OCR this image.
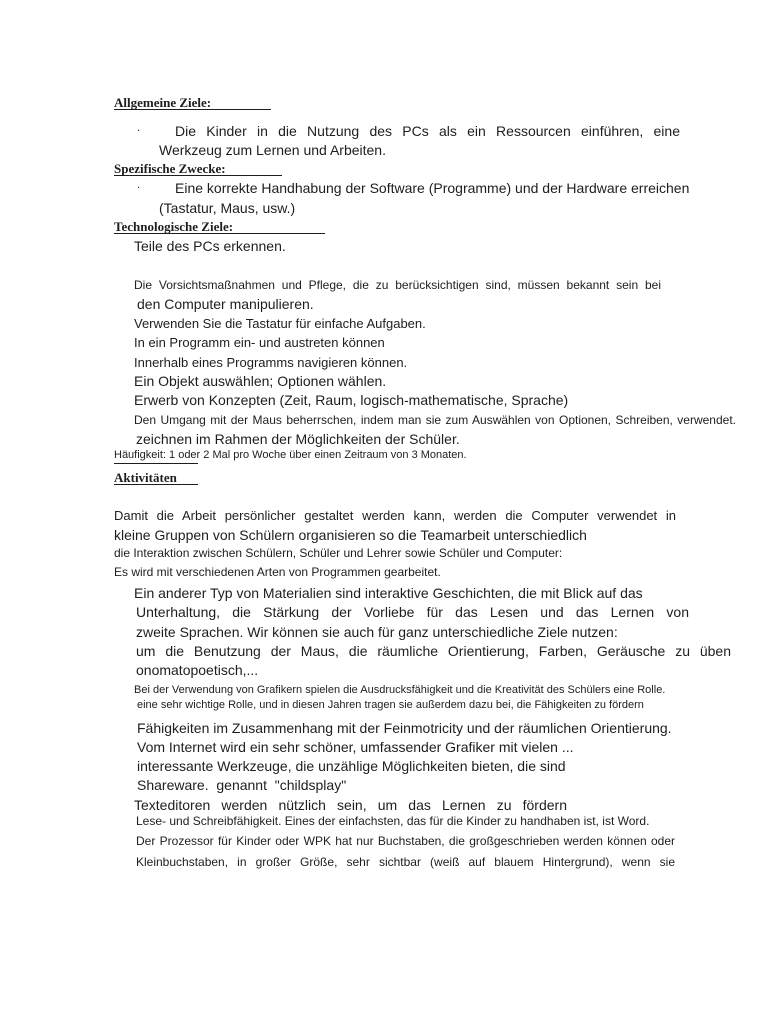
Allgemeine Ziele:
· Die Kinder in die Nutzung des PCs als ein Ressourcen einführen, eine
Werkzeug zum Lernen und Arbeiten.
Spezifische Zwecke:
· Eine korrekte Handhabung der Software (Programme) und der Hardware erreichen
(Tastatur, Maus, usw.)
Technologische Ziele:
Teile des PCs erkennen.
Die Vorsichtsmaßnahmen und Pflege, die zu berücksichtigen sind, müssen bekannt sein bei
den Computer manipulieren.
Verwenden Sie die Tastatur für einfache Aufgaben.
In ein Programm ein- und austreten können
Innerhalb eines Programms navigieren können.
Ein Objekt auswählen; Optionen wählen.
Erwerb von Konzepten (Zeit, Raum, logisch-mathematische, Sprache)
Den Umgang mit der Maus beherrschen, indem man sie zum Auswählen von Optionen, Schreiben, verwendet.
zeichnen im Rahmen der Möglichkeiten der Schüler.
Häufigkeit: 1 oder 2 Mal pro Woche über einen Zeitraum von 3 Monaten.
Aktivitäten
Damit die Arbeit persönlicher gestaltet werden kann, werden die Computer verwendet in
kleine Gruppen von Schülern organisieren so die Teamarbeit unterschiedlich
die Interaktion zwischen Schülern, Schüler und Lehrer sowie Schüler und Computer:
Es wird mit verschiedenen Arten von Programmen gearbeitet.
Ein anderer Typ von Materialien sind interaktive Geschichten, die mit Blick auf das
Unterhaltung, die Stärkung der Vorliebe für das Lesen und das Lernen von
zweite Sprachen. Wir können sie auch für ganz unterschiedliche Ziele nutzen:
um die Benutzung der Maus, die räumliche Orientierung, Farben, Geräusche zu üben
onomatopoetisch,...
Bei der Verwendung von Grafikern spielen die Ausdrucksfähigkeit und die Kreativität des Schülers eine Rolle.
eine sehr wichtige Rolle, und in diesen Jahren tragen sie außerdem dazu bei, die Fähigkeiten zu fördern
Fähigkeiten im Zusammenhang mit der Feinmotricity und der räumlichen Orientierung.
Vom Internet wird ein sehr schöner, umfassender Grafiker mit vielen ...
interessante Werkzeuge, die unzählige Möglichkeiten bieten, die sind
Shareware.  genannt  "childsplay"
Texteditoren werden nützlich sein, um das Lernen zu fördern
Lese- und Schreibfähigkeit. Eines der einfachsten, das für die Kinder zu handhaben ist, ist Word.
Der Prozessor für Kinder oder WPK hat nur Buchstaben, die großgeschrieben werden können oder
Kleinbuchstaben, in großer Größe, sehr sichtbar (weiß auf blauem Hintergrund), wenn sie
